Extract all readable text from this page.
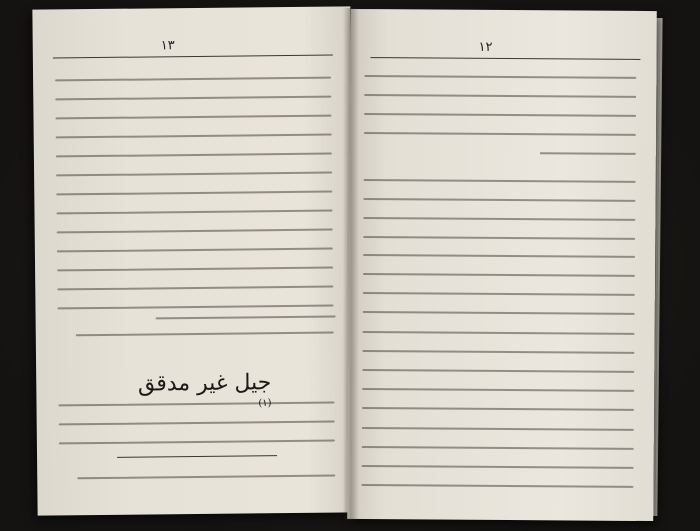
١٣
جيل غير مدقق $^{(١)}$
١٢
